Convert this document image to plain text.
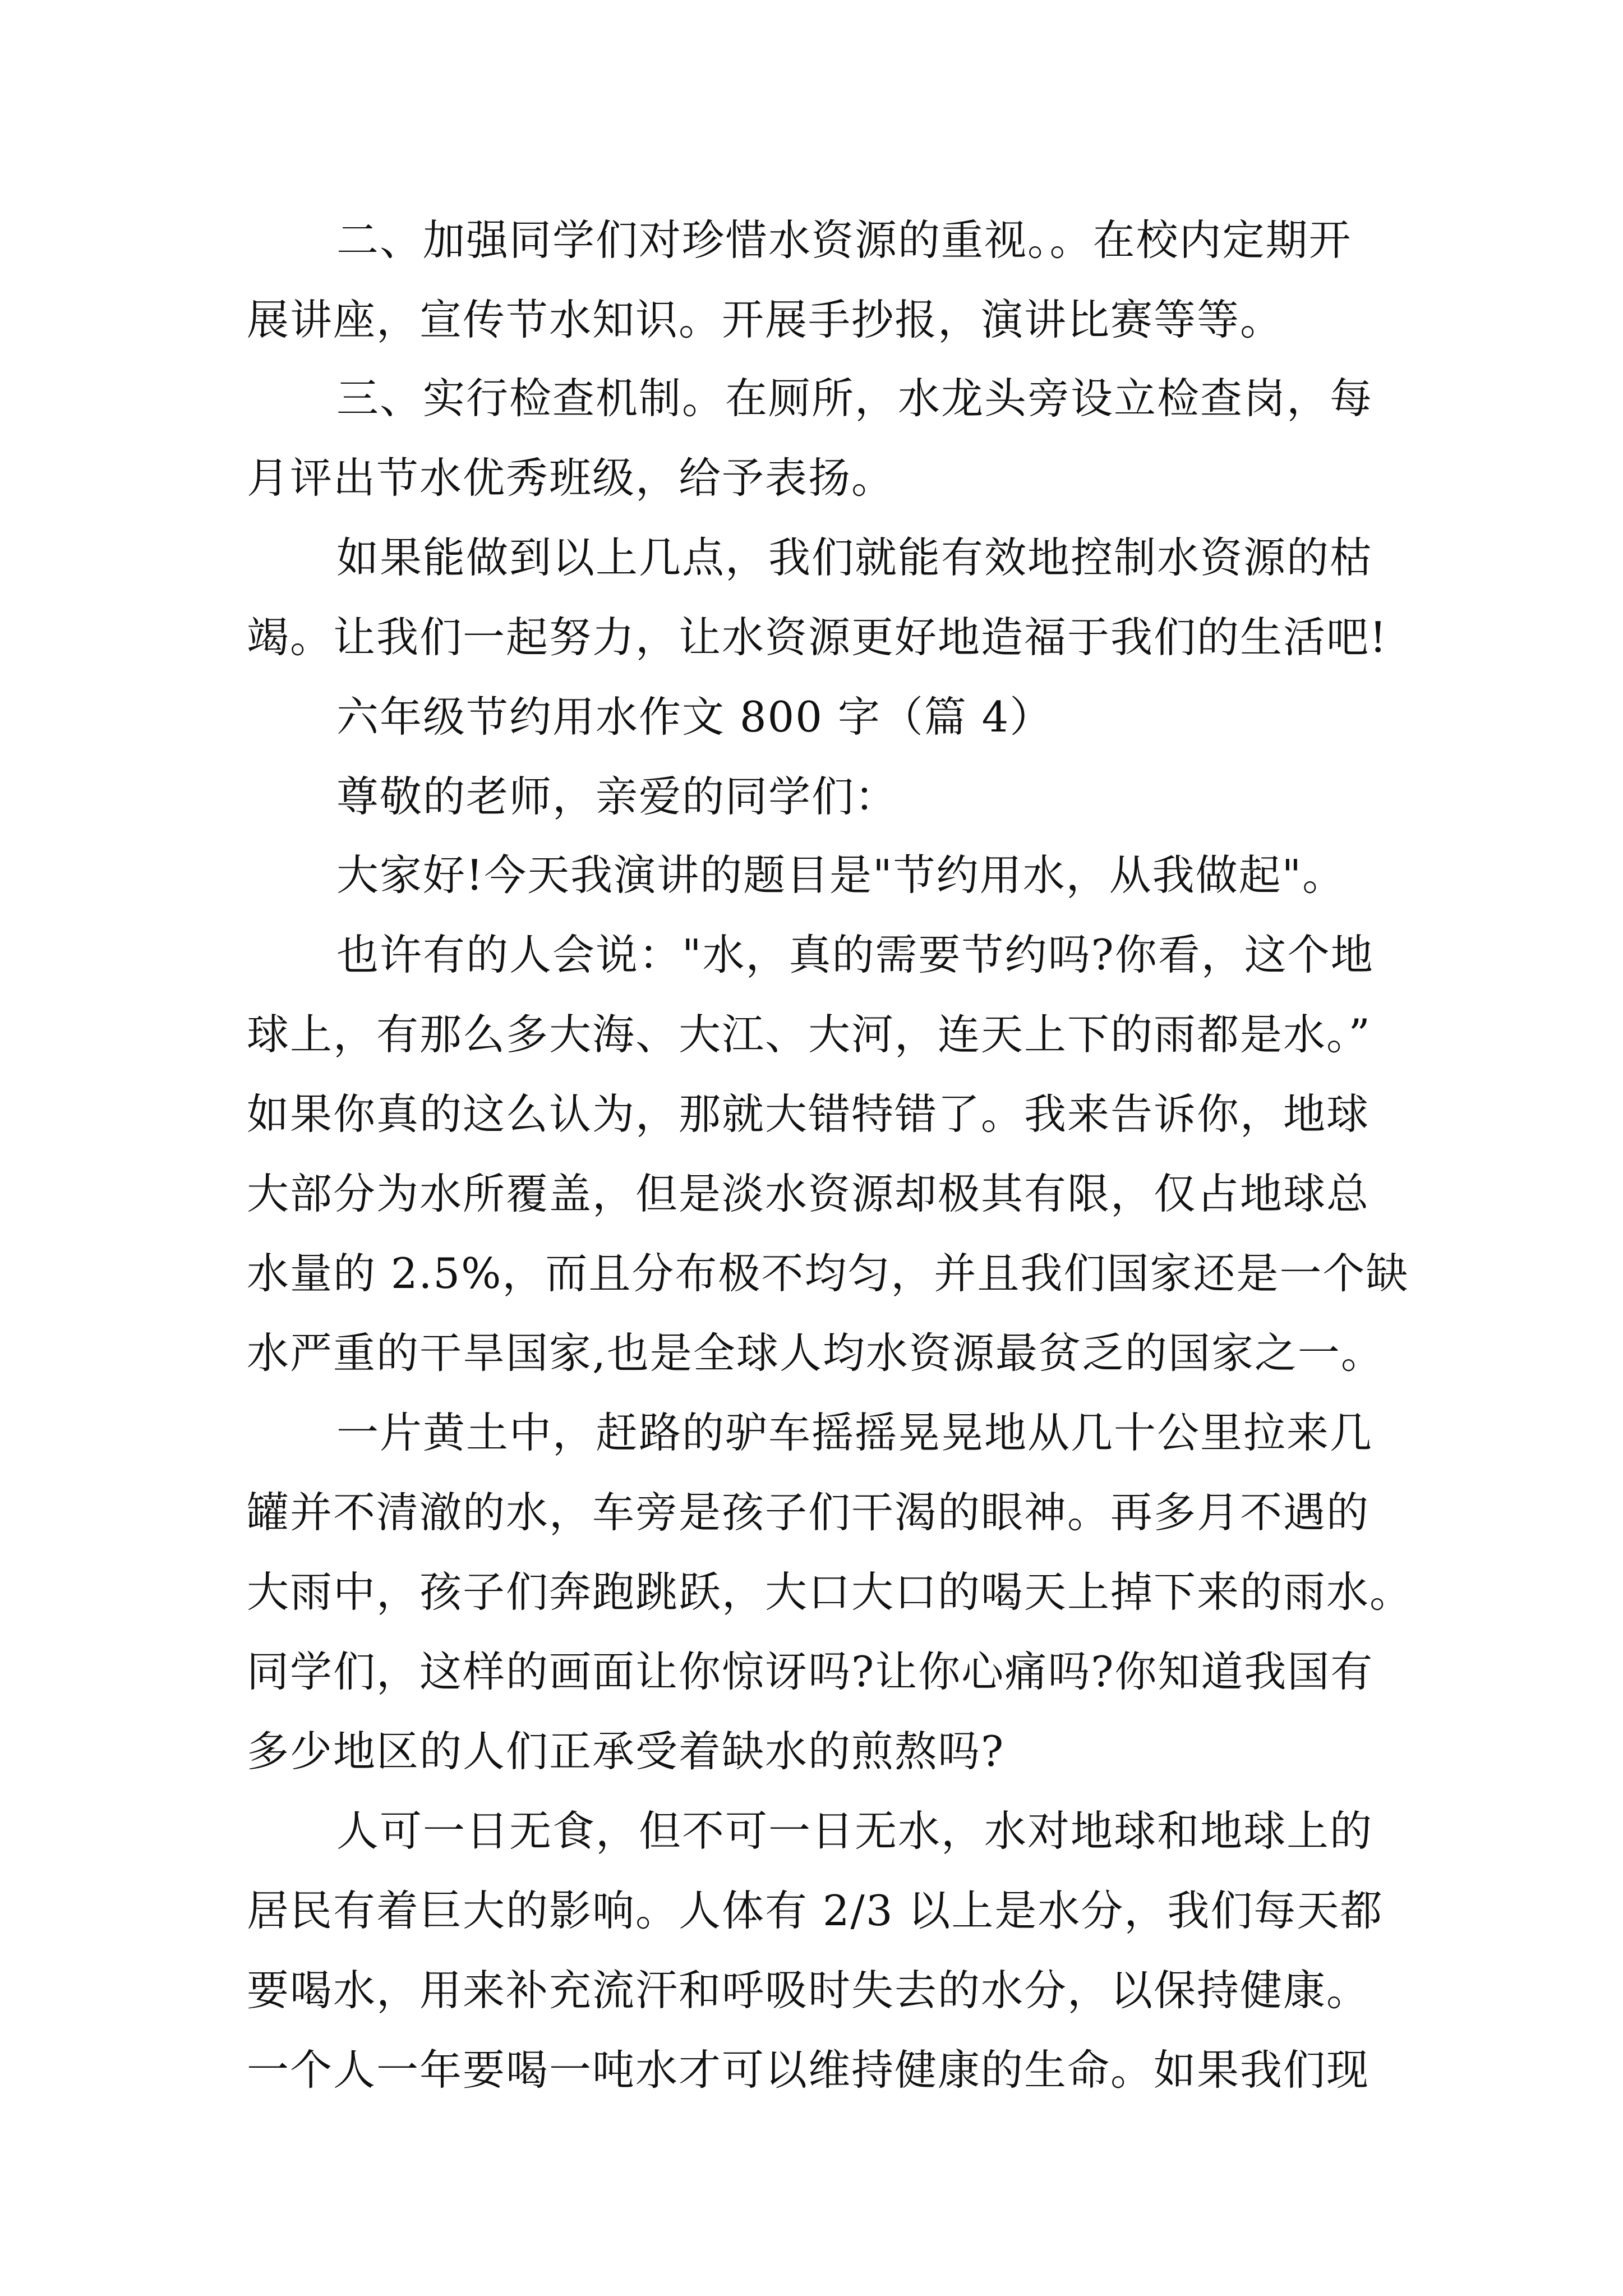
二、加强同学们对珍惜水资源的重视。。在校内定期开
展讲座，宣传节水知识。开展手抄报，演讲比赛等等。
三、实行检查机制。在厕所，水龙头旁设立检查岗，每
月评出节水优秀班级，给予表扬。
如果能做到以上几点，我们就能有效地控制水资源的枯
竭。让我们一起努力，让水资源更好地造福于我们的生活吧!
六年级节约用水作文 800 字（篇 4）
尊敬的老师，亲爱的同学们：
大家好!今天我演讲的题目是"节约用水，从我做起"。
也许有的人会说："水，真的需要节约吗?你看，这个地
球上，有那么多大海、大江、大河，连天上下的雨都是水。”
如果你真的这么认为，那就大错特错了。我来告诉你，地球
大部分为水所覆盖，但是淡水资源却极其有限，仅占地球总
水量的 2.5%，而且分布极不均匀，并且我们国家还是一个缺
水严重的干旱国家,也是全球人均水资源最贫乏的国家之一。
一片黄土中，赶路的驴车摇摇晃晃地从几十公里拉来几
罐并不清澈的水，车旁是孩子们干渴的眼神。再多月不遇的
大雨中，孩子们奔跑跳跃，大口大口的喝天上掉下来的雨水。
同学们，这样的画面让你惊讶吗?让你心痛吗?你知道我国有
多少地区的人们正承受着缺水的煎熬吗?
人可一日无食，但不可一日无水，水对地球和地球上的
居民有着巨大的影响。人体有 2/3 以上是水分，我们每天都
要喝水，用来补充流汗和呼吸时失去的水分，以保持健康。
一个人一年要喝一吨水才可以维持健康的生命。如果我们现
